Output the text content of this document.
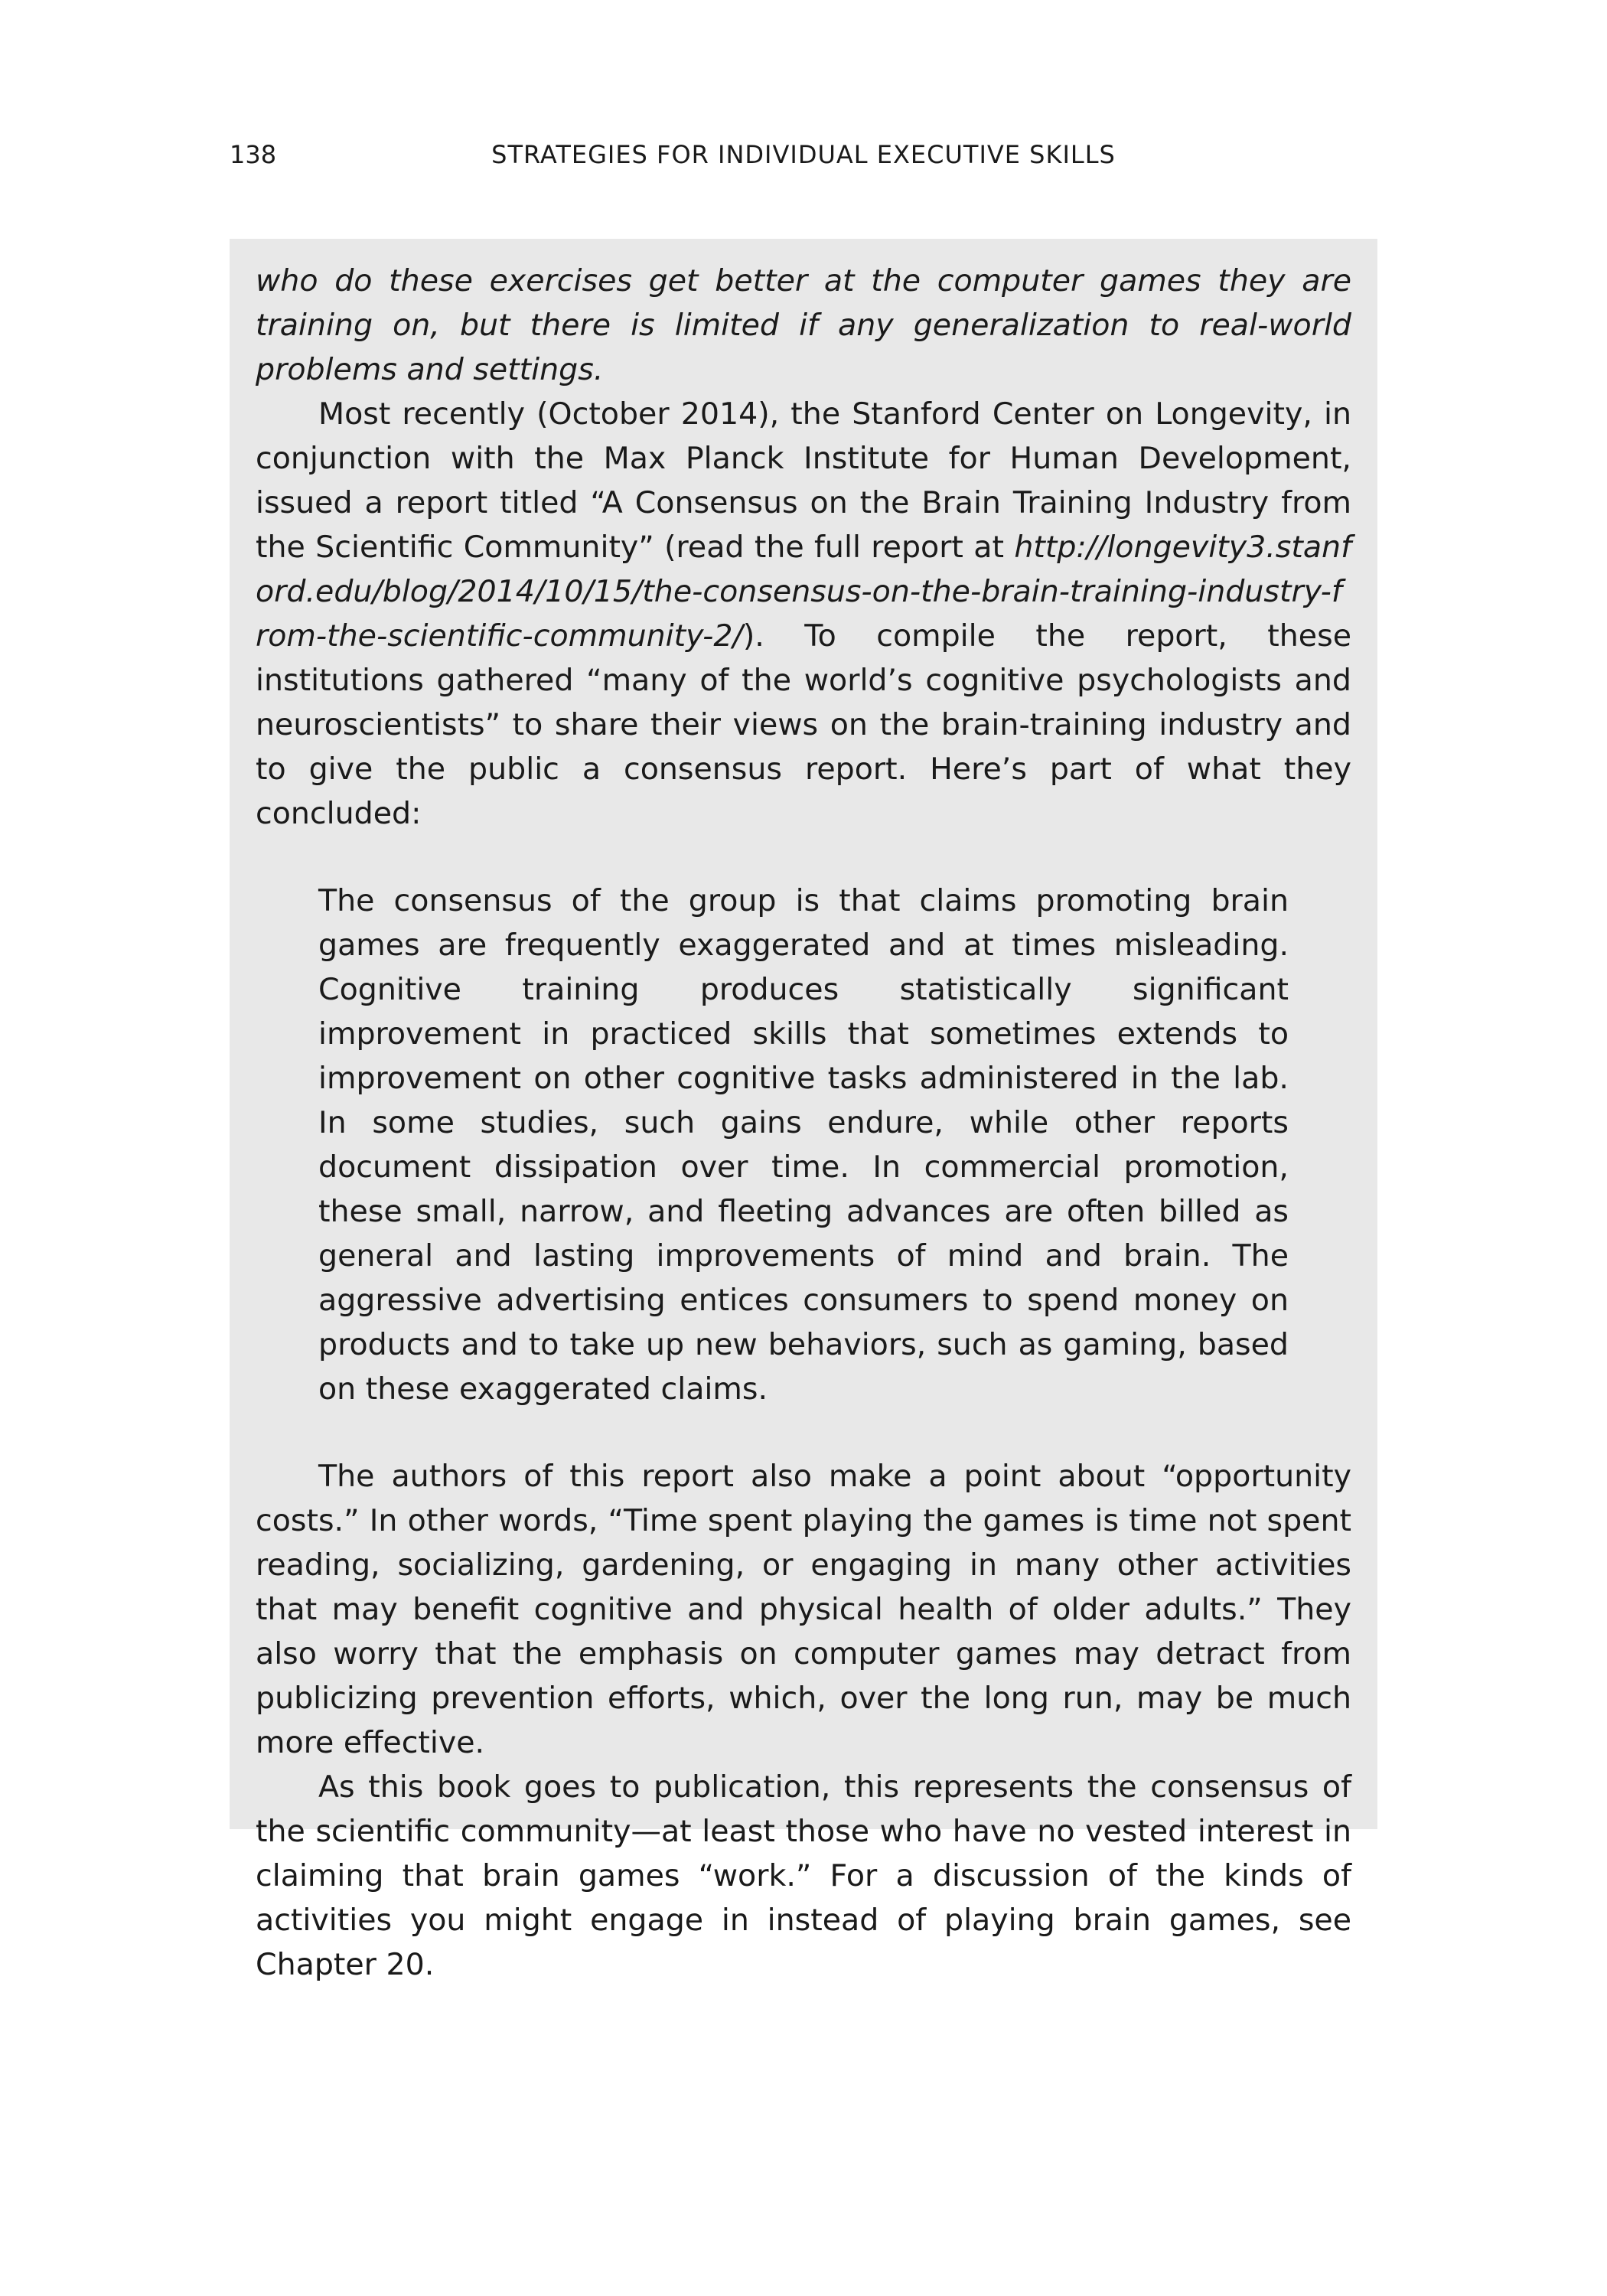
138	STRATEGIES FOR INDIVIDUAL EXECUTIVE SKILLS

who do these exercises get better at the computer games they are training on, but there is limited if any generalization to real-world problems and settings.

Most recently (October 2014), the Stanford Center on Longevity, in conjunction with the Max Planck Institute for Human Development, issued a report titled “A Consensus on the Brain Training Industry from the Scientific Community” (read the full report at http://longevity3.stanford.edu/blog/2014/10/15/the-consensus-on-the-brain-training-industry-from-the-scientific-community-2/). To compile the report, these institutions gathered “many of the world’s cognitive psychologists and neuroscientists” to share their views on the brain-training industry and to give the public a consensus report. Here’s part of what they concluded:

The consensus of the group is that claims promoting brain games are frequently exaggerated and at times misleading. Cognitive training produces statistically significant improvement in practiced skills that sometimes extends to improvement on other cognitive tasks administered in the lab. In some studies, such gains endure, while other reports document dissipation over time. In commercial promotion, these small, narrow, and fleeting advances are often billed as general and lasting improvements of mind and brain. The aggressive advertising entices consumers to spend money on products and to take up new behaviors, such as gaming, based on these exaggerated claims.

The authors of this report also make a point about “opportunity costs.” In other words, “Time spent playing the games is time not spent reading, socializing, gardening, or engaging in many other activities that may benefit cognitive and physical health of older adults.” They also worry that the emphasis on computer games may detract from publicizing prevention efforts, which, over the long run, may be much more effective.

As this book goes to publication, this represents the consensus of the scientific community—at least those who have no vested interest in claiming that brain games “work.” For a discussion of the kinds of activities you might engage in instead of playing brain games, see Chapter 20.
